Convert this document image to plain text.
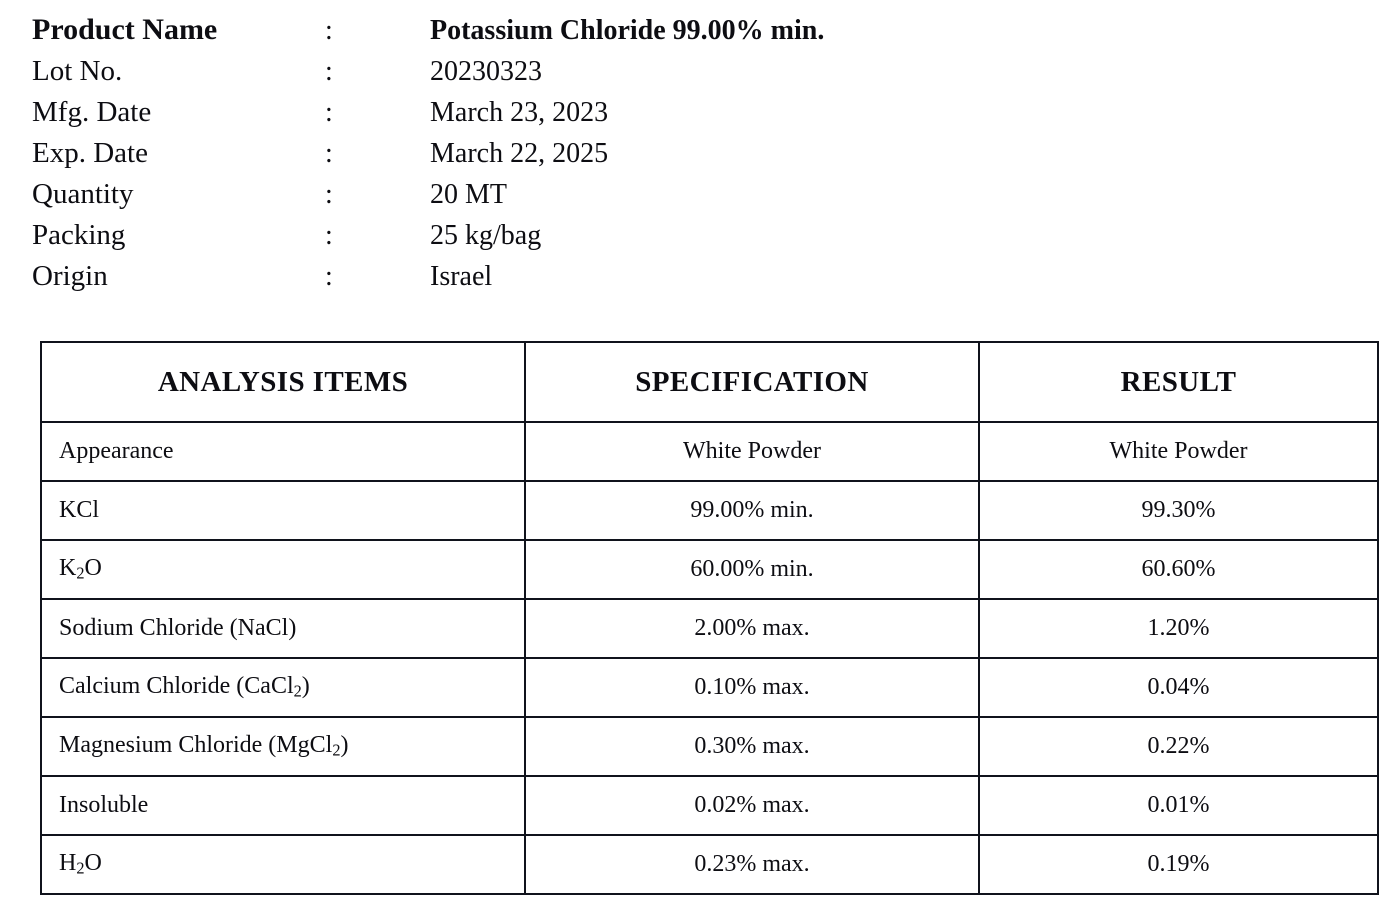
Product Name	:	Potassium Chloride 99.00% min.
Lot No.	:	20230323
Mfg. Date	:	March 23, 2023
Exp. Date	:	March 22, 2025
Quantity	:	20 MT
Packing	:	25 kg/bag
Origin	:	Israel
ANALYSIS ITEMS	SPECIFICATION	RESULT
Appearance	White Powder	White Powder
KCl	99.00% min.	99.30%
$K_2O$	60.00% min.	60.60%
Sodium Chloride (NaCl)	2.00% max.	1.20%
Calcium Chloride (CaCl$_2$)	0.10% max.	0.04%
Magnesium Chloride (MgCl$_2$)	0.30% max.	0.22%
Insoluble	0.02% max.	0.01%
$H_2O$	0.23% max.	0.19%
